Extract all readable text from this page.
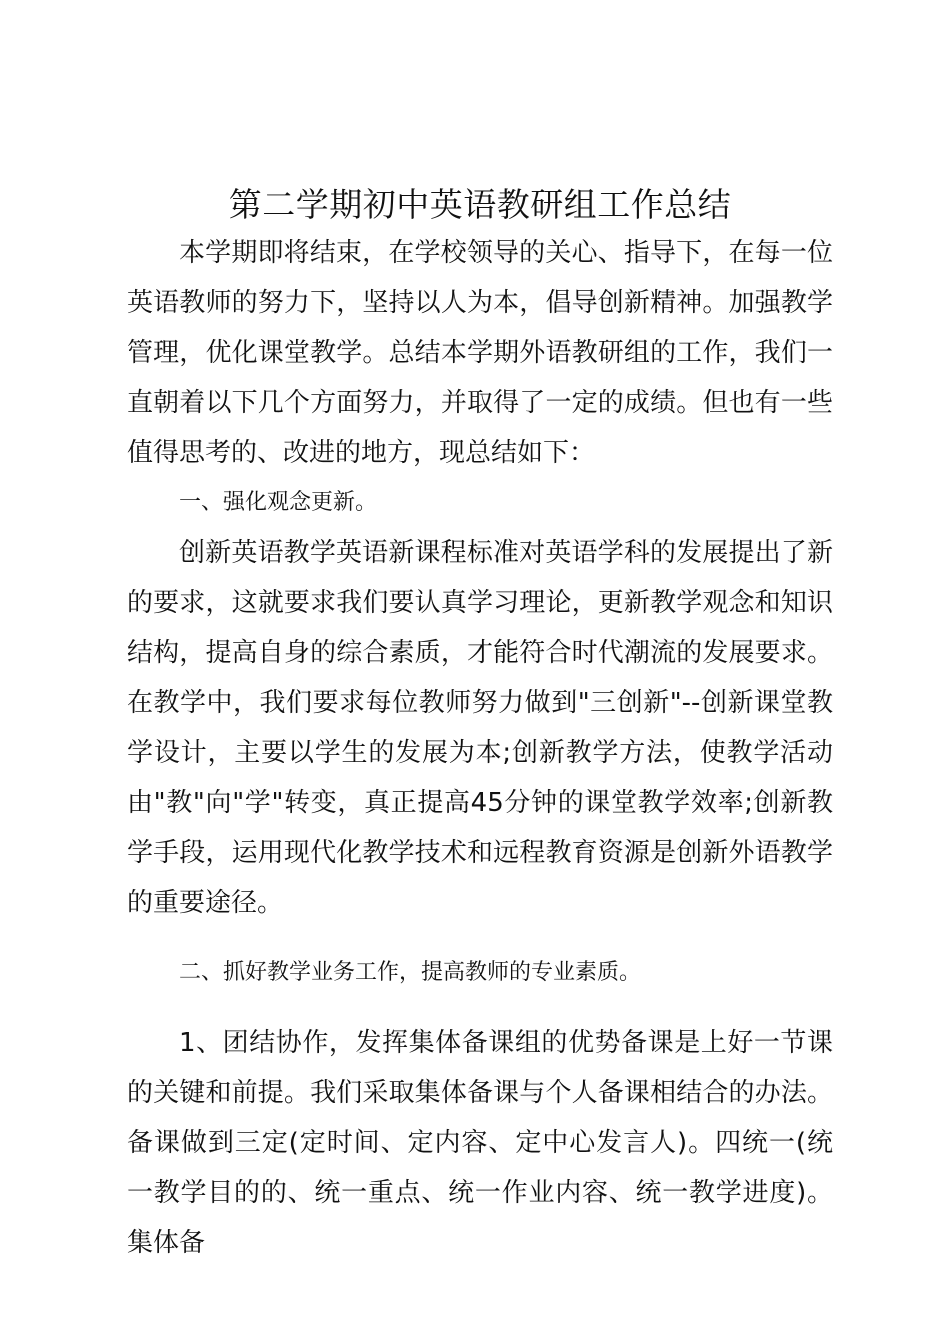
第二学期初中英语教研组工作总结

本学期即将结束，在学校领导的关心、指导下，在每一位英语教师的努力下，坚持以人为本，倡导创新精神。加强教学管理，优化课堂教学。总结本学期外语教研组的工作，我们一直朝着以下几个方面努力，并取得了一定的成绩。但也有一些值得思考的、改进的地方，现总结如下：

一、强化观念更新。

创新英语教学英语新课程标准对英语学科的发展提出了新的要求，这就要求我们要认真学习理论，更新教学观念和知识结构，提高自身的综合素质，才能符合时代潮流的发展要求。在教学中，我们要求每位教师努力做到"三创新"--创新课堂教学设计，主要以学生的发展为本;创新教学方法，使教学活动由"教"向"学"转变，真正提高45分钟的课堂教学效率;创新教学手段，运用现代化教学技术和远程教育资源是创新外语教学的重要途径。

二、抓好教学业务工作，提高教师的专业素质。

1、团结协作，发挥集体备课组的优势备课是上好一节课的关键和前提。我们采取集体备课与个人备课相结合的办法。备课做到三定(定时间、定内容、定中心发言人)。四统一(统一教学目的的、统一重点、统一作业内容、统一教学进度)。集体备
